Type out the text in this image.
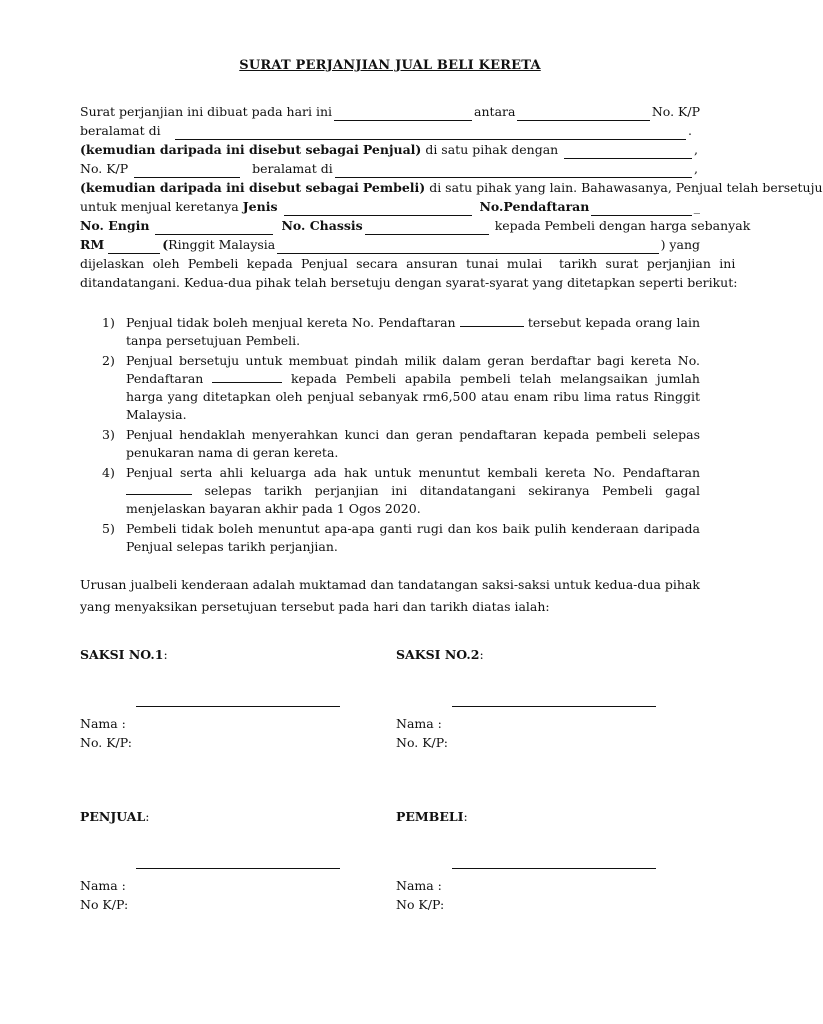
SURAT PERJANJIAN JUAL BELI KERETA
Surat perjanjian ini dibuat pada hari ini	antara	No. K/P
beralamat di	.
(kemudian daripada ini disebut sebagai
Penjual)
di satu pihak dengan	,
No. K/P	beralamat di	,
(kemudian daripada ini disebut sebagai
Pembeli)
di satu pihak yang lain. Bahawasanya, Penjual telah bersetuju
untuk menjual keretanya
Jenis	No.Pendaftaran	_
No. Engin	No. Chassis	kepada Pembeli dengan harga sebanyak
RM	( Ringgit Malaysia	) yang
dijelaskan oleh Pembeli kepada Penjual secara ansuran tunai mulai  tarikh surat perjanjian ini
ditandatangani. Kedua-dua pihak telah bersetuju dengan syarat-syarat yang ditetapkan seperti berikut:
1) Penjual tidak boleh menjual kereta No. Pendaftaran	tersebut kepada orang lain tanpa persetujuan Pembeli.
2) Penjual bersetuju untuk membuat pindah milik dalam geran berdaftar bagi kereta No. Pendaftaran	kepada Pembeli apabila pembeli telah melangsaikan jumlah harga yang ditetapkan oleh penjual sebanyak rm6,500 atau enam ribu lima ratus Ringgit Malaysia.
3) Penjual hendaklah menyerahkan kunci dan geran pendaftaran kepada pembeli selepas penukaran nama di geran kereta.
4) Penjual serta ahli keluarga ada hak untuk menuntut kembali kereta No. Pendaftaran selepas tarikh perjanjian ini ditandatangani sekiranya Pembeli gagal menjelaskan bayaran akhir pada 1 Ogos 2020.
5) Pembeli tidak boleh menuntut apa-apa ganti rugi dan kos baik pulih kenderaan daripada Penjual selepas tarikh perjanjian.
Urusan jualbeli kenderaan adalah muktamad dan tandatangan saksi-saksi untuk kedua-dua pihak yang menyaksikan persetujuan tersebut pada hari dan tarikh diatas ialah:
SAKSI NO.1:
Nama :
No. K/P:
SAKSI NO.2:
Nama :
No. K/P:
PENJUAL:
Nama :
No K/P:
PEMBELI:
Nama :
No K/P:
